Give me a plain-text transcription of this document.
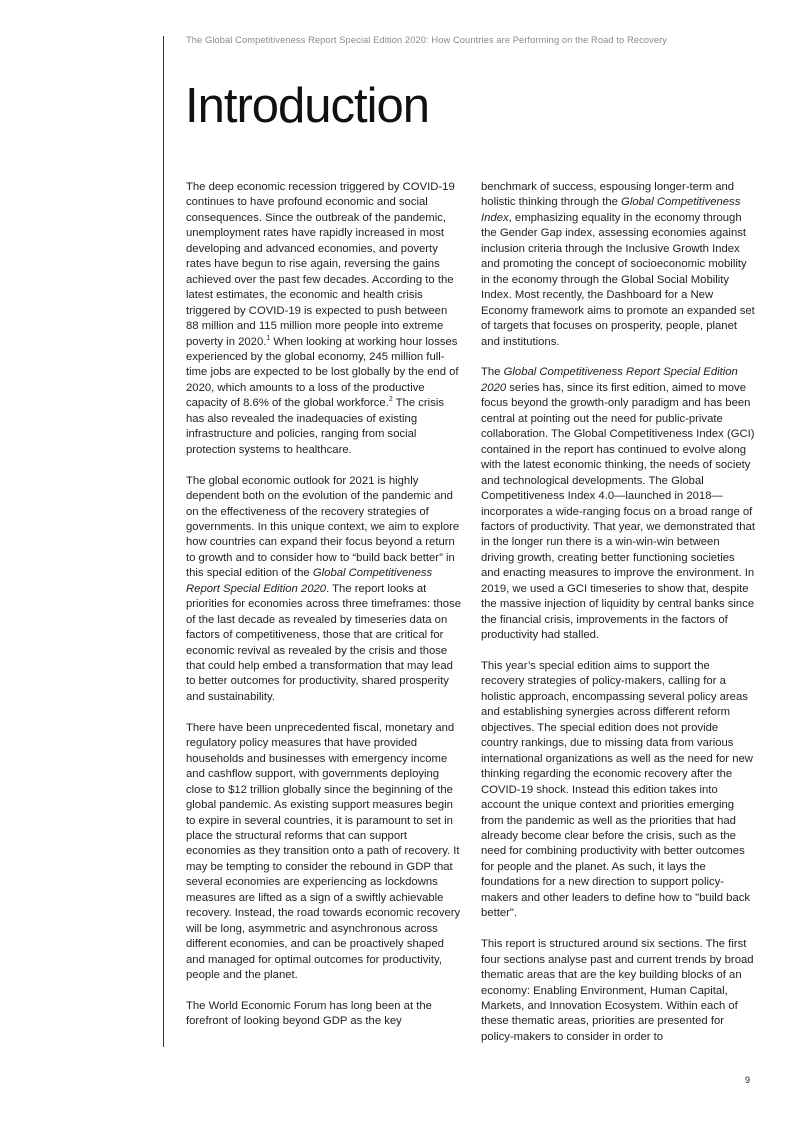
The Global Competitiveness Report Special Edition 2020: How Countries are Performing on the Road to Recovery
Introduction

The deep economic recession triggered by COVID-19 continues to have profound economic and social consequences. Since the outbreak of the pandemic, unemployment rates have rapidly increased in most developing and advanced economies, and poverty rates have begun to rise again, reversing the gains achieved over the past few decades. According to the latest estimates, the economic and health crisis triggered by COVID-19 is expected to push between 88 million and 115 million more people into extreme poverty in 2020.$^1$ When looking at working hour losses experienced by the global economy, 245 million full-time jobs are expected to be lost globally by the end of 2020, which amounts to a loss of the productive capacity of 8.6% of the global workforce.$^2$ The crisis has also revealed the inadequacies of existing infrastructure and policies, ranging from social protection systems to healthcare.

The global economic outlook for 2021 is highly dependent both on the evolution of the pandemic and on the effectiveness of the recovery strategies of governments. In this unique context, we aim to explore how countries can expand their focus beyond a return to growth and to consider how to “build back better” in this special edition of the Global Competitiveness Report Special Edition 2020. The report looks at priorities for economies across three timeframes: those of the last decade as revealed by timeseries data on factors of competitiveness, those that are critical for economic revival as revealed by the crisis and those that could help embed a transformation that may lead to better outcomes for productivity, shared prosperity and sustainability.

There have been unprecedented fiscal, monetary and regulatory policy measures that have provided households and businesses with emergency income and cashflow support, with governments deploying close to $12 trillion globally since the beginning of the global pandemic. As existing support measures begin to expire in several countries, it is paramount to set in place the structural reforms that can support economies as they transition onto a path of recovery. It may be tempting to consider the rebound in GDP that several economies are experiencing as lockdowns measures are lifted as a sign of a swiftly achievable recovery. Instead, the road towards economic recovery will be long, asymmetric and asynchronous across different economies, and can be proactively shaped and managed for optimal outcomes for productivity, people and the planet.

The World Economic Forum has long been at the forefront of looking beyond GDP as the key

benchmark of success, espousing longer-term and holistic thinking through the Global Competitiveness Index, emphasizing equality in the economy through the Gender Gap index, assessing economies against inclusion criteria through the Inclusive Growth Index and promoting the concept of socioeconomic mobility in the economy through the Global Social Mobility Index. Most recently, the Dashboard for a New Economy framework aims to promote an expanded set of targets that focuses on prosperity, people, planet and institutions.

The Global Competitiveness Report Special Edition 2020 series has, since its first edition, aimed to move focus beyond the growth-only paradigm and has been central at pointing out the need for public-private collaboration. The Global Competitiveness Index (GCI) contained in the report has continued to evolve along with the latest economic thinking, the needs of society and technological developments. The Global Competitiveness Index 4.0—launched in 2018—incorporates a wide-ranging focus on a broad range of factors of productivity. That year, we demonstrated that in the longer run there is a win-win-win between driving growth, creating better functioning societies and enacting measures to improve the environment. In 2019, we used a GCI timeseries to show that, despite the massive injection of liquidity by central banks since the financial crisis, improvements in the factors of productivity had stalled.

This year’s special edition aims to support the recovery strategies of policy-makers, calling for a holistic approach, encompassing several policy areas and establishing synergies across different reform objectives. The special edition does not provide country rankings, due to missing data from various international organizations as well as the need for new thinking regarding the economic recovery after the COVID-19 shock. Instead this edition takes into account the unique context and priorities emerging from the pandemic as well as the priorities that had already become clear before the crisis, such as the need for combining productivity with better outcomes for people and the planet. As such, it lays the foundations for a new direction to support policy-makers and other leaders to define how to "build back better".

This report is structured around six sections. The first four sections analyse past and current trends by broad thematic areas that are the key building blocks of an economy: Enabling Environment, Human Capital, Markets, and Innovation Ecosystem. Within each of these thematic areas, priorities are presented for policy-makers to consider in order to

9
